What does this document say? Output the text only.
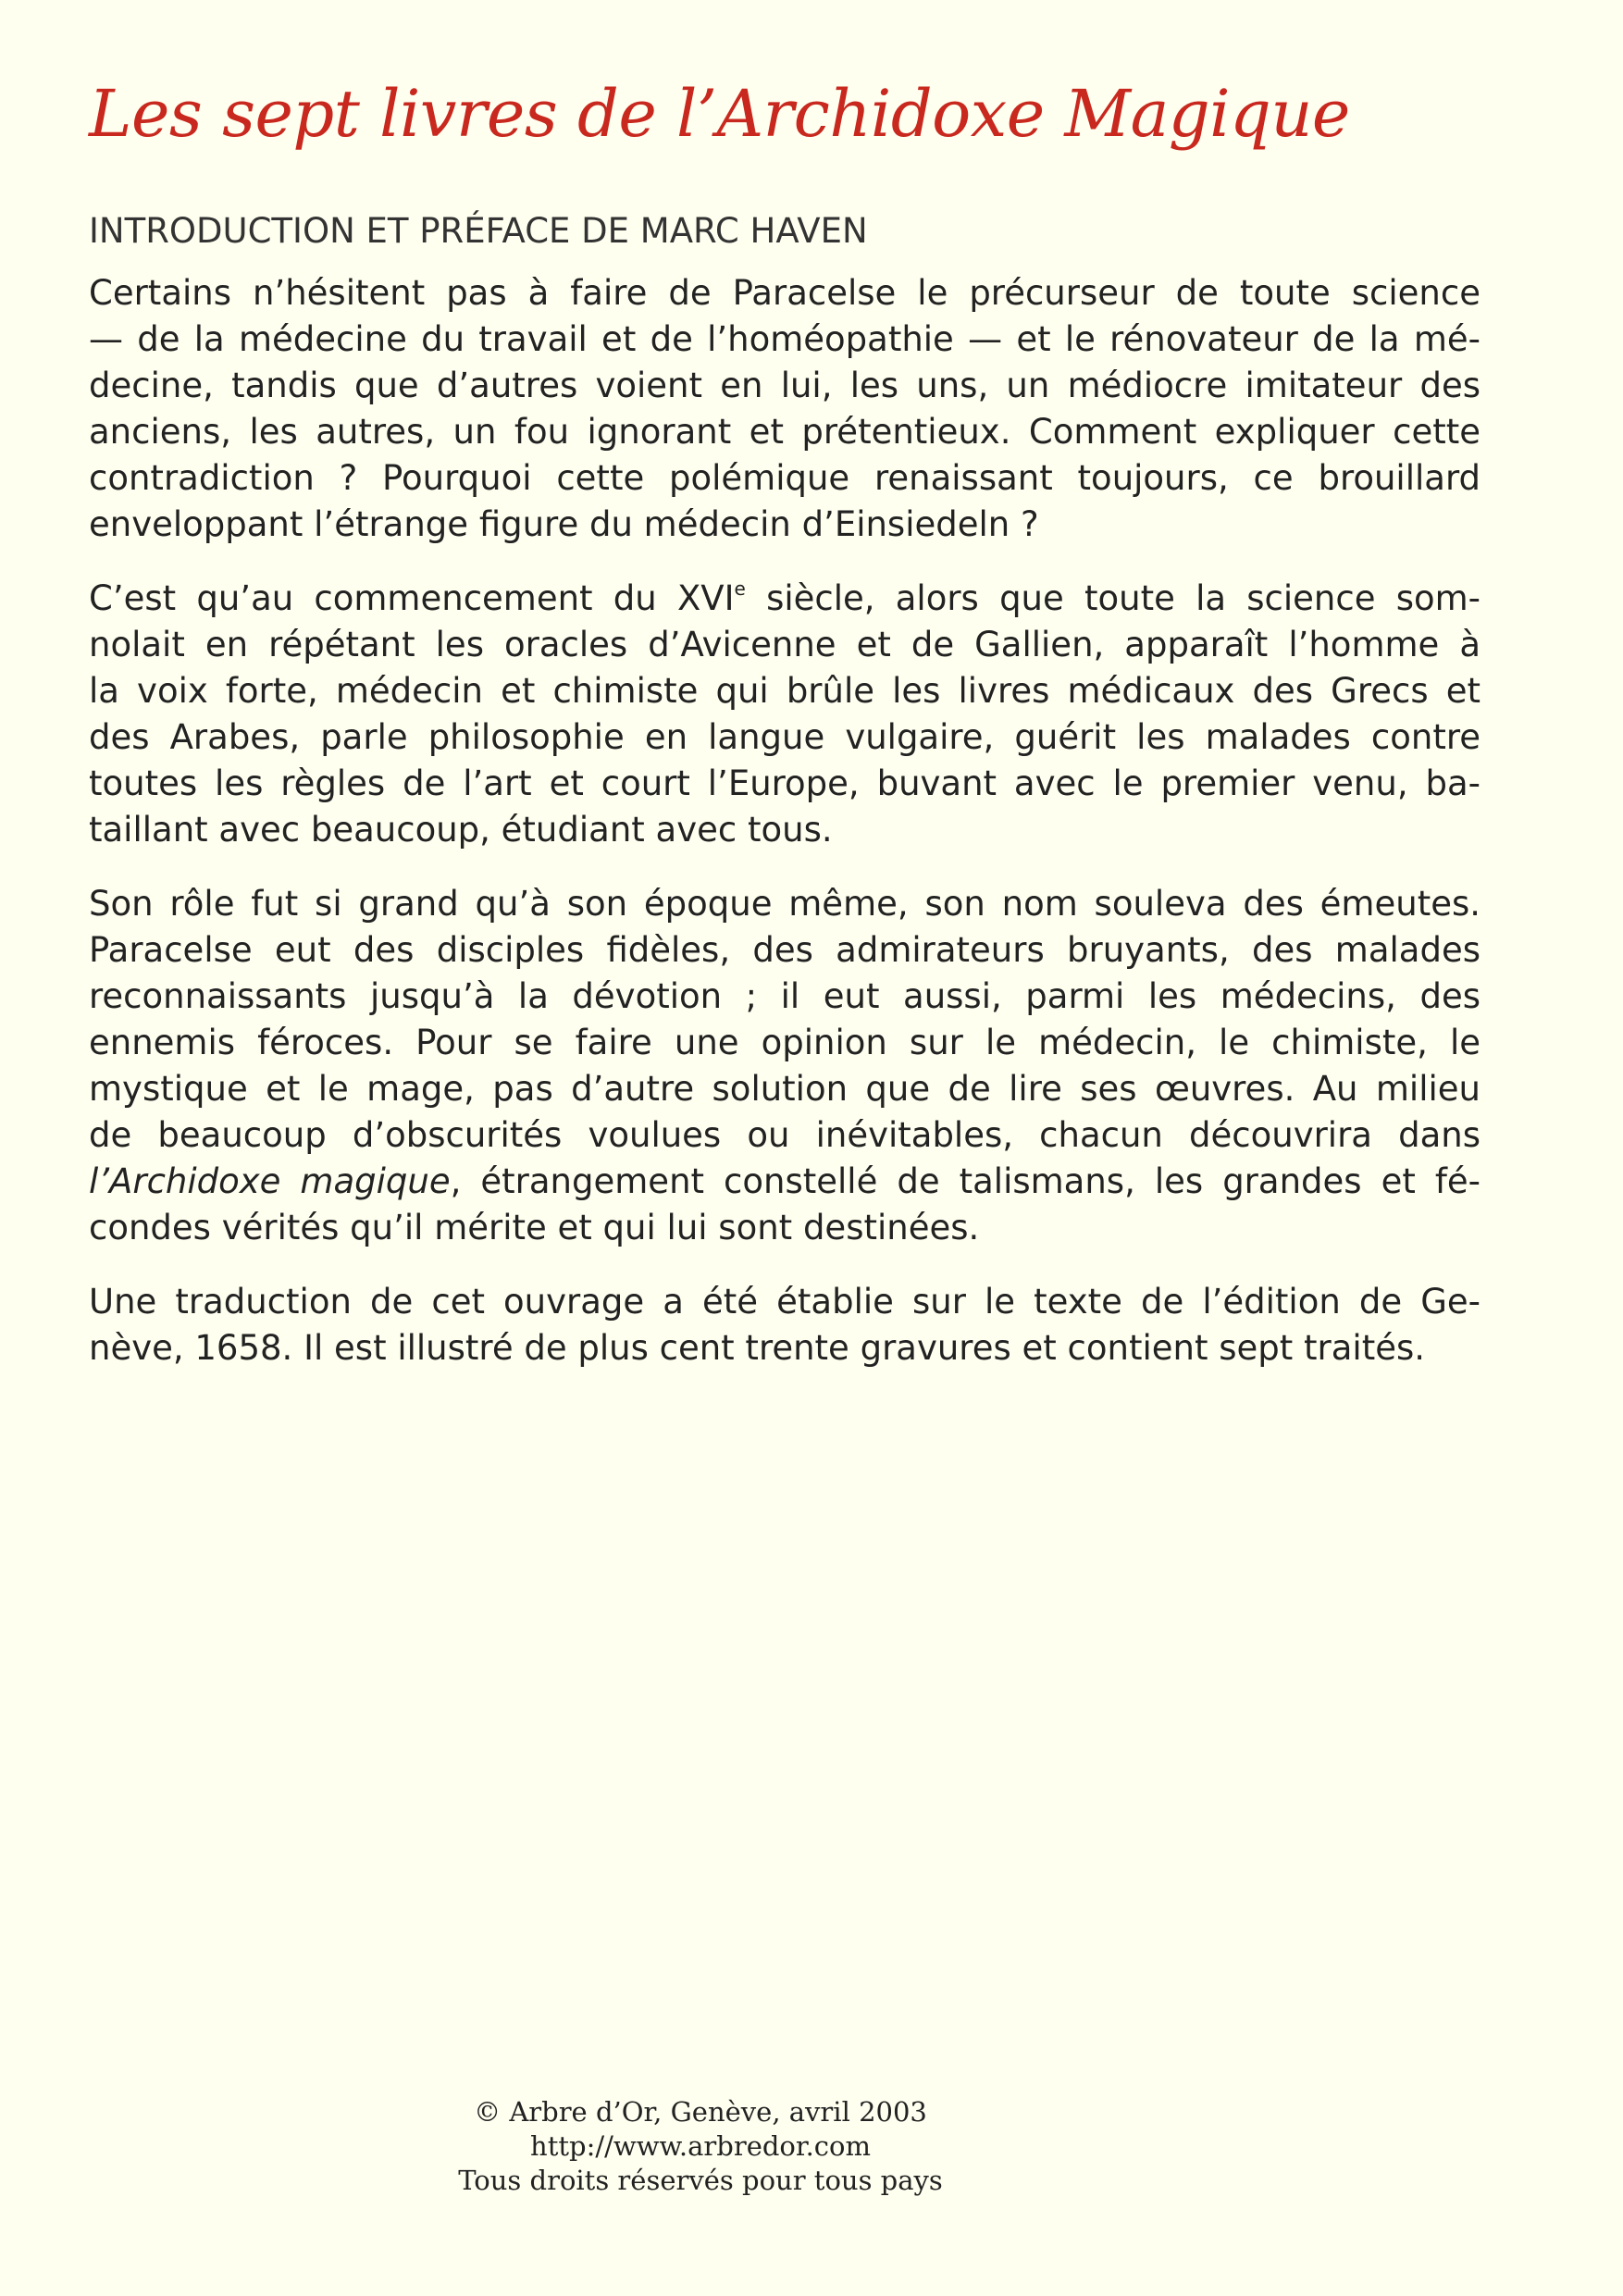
Les sept livres de l’Archidoxe Magique
INTRODUCTION ET PRÉFACE DE MARC HAVEN

Certains n’hésitent pas à faire de Paracelse le précurseur de toute science
— de la médecine du travail et de l’homéopathie — et le rénovateur de la mé-
decine, tandis que d’autres voient en lui, les uns, un médiocre imitateur des
anciens, les autres, un fou ignorant et prétentieux. Comment expliquer cette
contradiction ? Pourquoi cette polémique renaissant toujours, ce brouillard
enveloppant l’étrange figure du médecin d’Einsiedeln ?

C’est qu’au commencement du XVIe siècle, alors que toute la science som-
nolait en répétant les oracles d’Avicenne et de Gallien, apparaît l’homme à
la voix forte, médecin et chimiste qui brûle les livres médicaux des Grecs et
des Arabes, parle philosophie en langue vulgaire, guérit les malades contre
toutes les règles de l’art et court l’Europe, buvant avec le premier venu, ba-
taillant avec beaucoup, étudiant avec tous.

Son rôle fut si grand qu’à son époque même, son nom souleva des émeutes.
Paracelse eut des disciples fidèles, des admirateurs bruyants, des malades
reconnaissants jusqu’à la dévotion ; il eut aussi, parmi les médecins, des
ennemis féroces. Pour se faire une opinion sur le médecin, le chimiste, le
mystique et le mage, pas d’autre solution que de lire ses œuvres. Au milieu
de beaucoup d’obscurités voulues ou inévitables, chacun découvrira dans
l’Archidoxe magique, étrangement constellé de talismans, les grandes et fé-
condes vérités qu’il mérite et qui lui sont destinées.

Une traduction de cet ouvrage a été établie sur le texte de l’édition de Ge-
nève, 1658. Il est illustré de plus cent trente gravures et contient sept traités.

© Arbre d’Or, Genève, avril 2003
http://www.arbredor.com
Tous droits réservés pour tous pays
